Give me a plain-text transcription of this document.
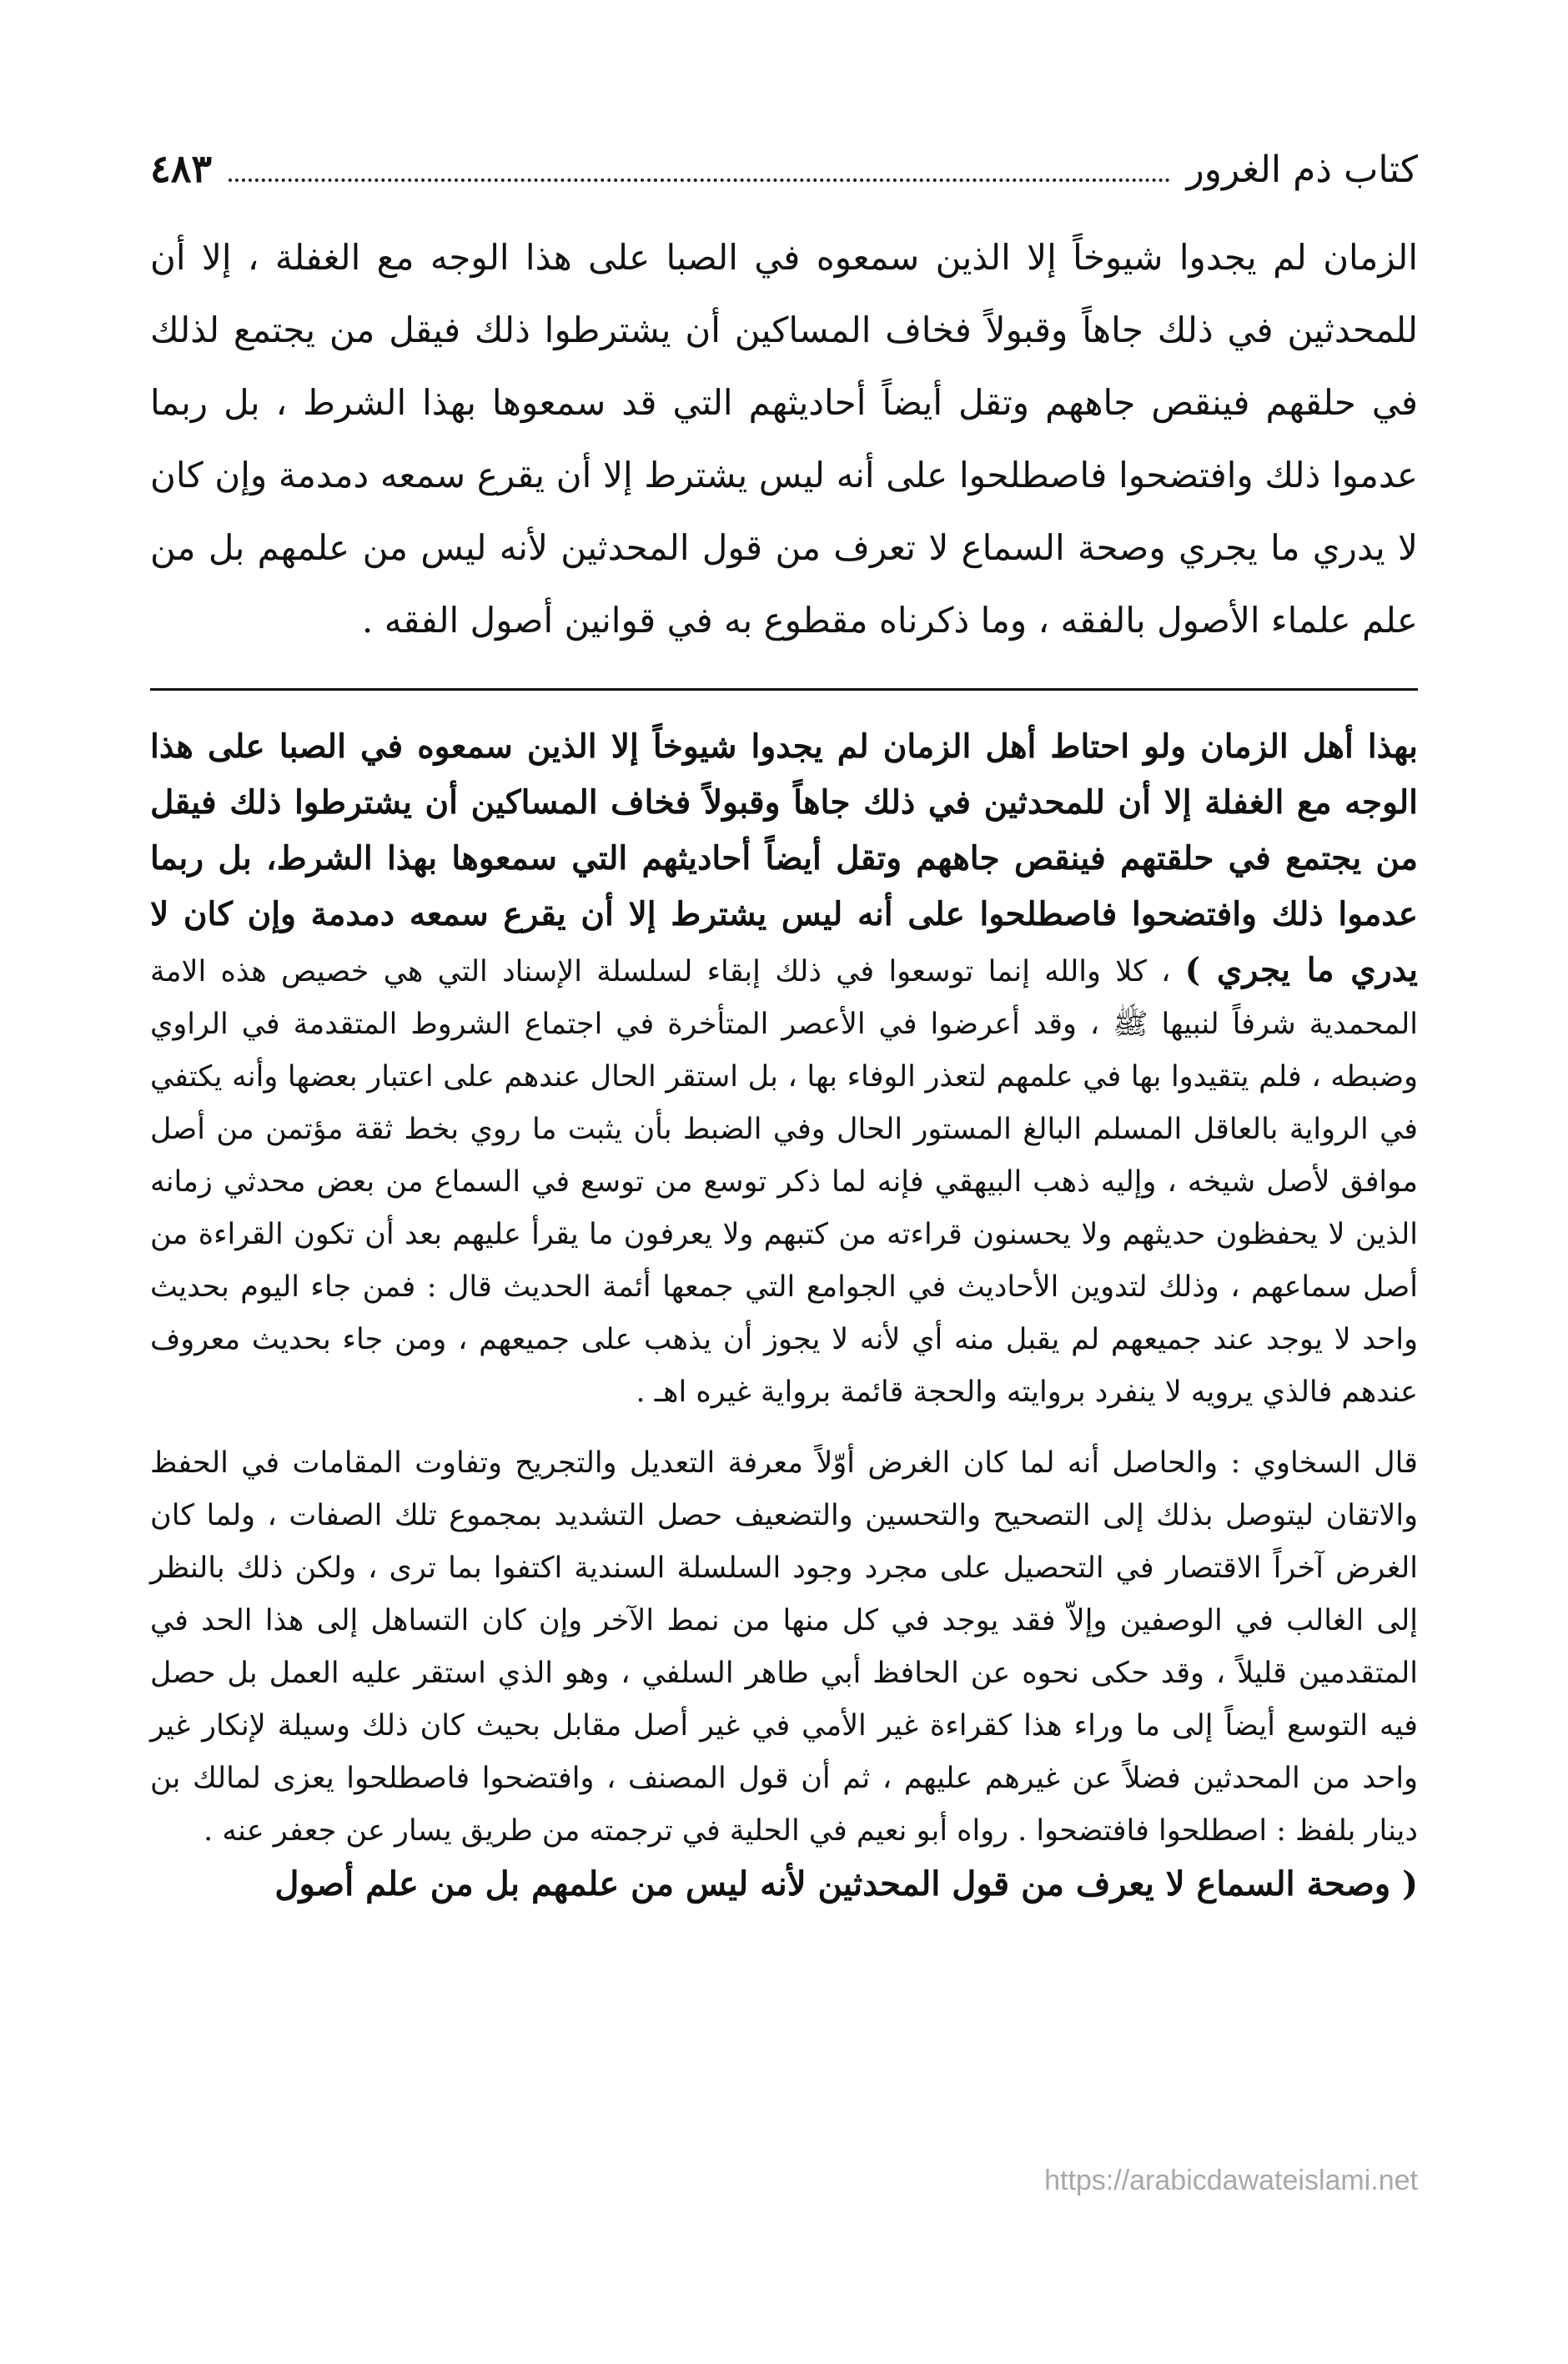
كتاب ذم الغرور
٤٨٣

الزمان لم يجدوا شيوخاً إلا الذين سمعوه في الصبا على هذا الوجه مع الغفلة ، إلا أن للمحدثين في ذلك جاهاً وقبولاً فخاف المساكين أن يشترطوا ذلك فيقل من يجتمع لذلك في حلقهم فينقص جاههم وتقل أيضاً أحاديثهم التي قد سمعوها بهذا الشرط ، بل ربما عدموا ذلك وافتضحوا فاصطلحوا على أنه ليس يشترط إلا أن يقرع سمعه دمدمة وإن كان لا يدري ما يجري وصحة السماع لا تعرف من قول المحدثين لأنه ليس من علمهم بل من علم علماء الأصول بالفقه ، وما ذكرناه مقطوع به في قوانين أصول الفقه .

بهذا أهل الزمان ولو احتاط أهل الزمان لم يجدوا شيوخاً إلا الذين سمعوه في الصبا على هذا الوجه مع الغفلة إلا أن للمحدثين في ذلك جاهاً وقبولاً فخاف المساكين أن يشترطوا ذلك فيقل من يجتمع في حلقتهم فينقص جاههم وتقل أيضاً أحاديثهم التي سمعوها بهذا الشرط، بل ربما عدموا ذلك وافتضحوا فاصطلحوا على أنه ليس يشترط إلا أن يقرع سمعه دمدمة وإن كان لا يدري ما يجري ) ، كلا والله إنما توسعوا في ذلك إبقاء لسلسلة الإسناد التي هي خصيص هذه الامة المحمدية شرفاً لنبيها ﷺ ، وقد أعرضوا في الأعصر المتأخرة في اجتماع الشروط المتقدمة في الراوي وضبطه ، فلم يتقيدوا بها في علمهم لتعذر الوفاء بها ، بل استقر الحال عندهم على اعتبار بعضها وأنه يكتفي في الرواية بالعاقل المسلم البالغ المستور الحال وفي الضبط بأن يثبت ما روي بخط ثقة مؤتمن من أصل موافق لأصل شيخه ، وإليه ذهب البيهقي فإنه لما ذكر توسع من توسع في السماع من بعض محدثي زمانه الذين لا يحفظون حديثهم ولا يحسنون قراءته من كتبهم ولا يعرفون ما يقرأ عليهم بعد أن تكون القراءة من أصل سماعهم ، وذلك لتدوين الأحاديث في الجوامع التي جمعها أئمة الحديث قال : فمن جاء اليوم بحديث واحد لا يوجد عند جميعهم لم يقبل منه أي لأنه لا يجوز أن يذهب على جميعهم ، ومن جاء بحديث معروف عندهم فالذي يرويه لا ينفرد بروايته والحجة قائمة برواية غيره اهـ .

قال السخاوي : والحاصل أنه لما كان الغرض أوّلاً معرفة التعديل والتجريح وتفاوت المقامات في الحفظ والاتقان ليتوصل بذلك إلى التصحيح والتحسين والتضعيف حصل التشديد بمجموع تلك الصفات ، ولما كان الغرض آخراً الاقتصار في التحصيل على مجرد وجود السلسلة السندية اكتفوا بما ترى ، ولكن ذلك بالنظر إلى الغالب في الوصفين وإلاّ فقد يوجد في كل منها من نمط الآخر وإن كان التساهل إلى هذا الحد في المتقدمين قليلاً ، وقد حكى نحوه عن الحافظ أبي طاهر السلفي ، وهو الذي استقر عليه العمل بل حصل فيه التوسع أيضاً إلى ما وراء هذا كقراءة غير الأمي في غير أصل مقابل بحيث كان ذلك وسيلة لإنكار غير واحد من المحدثين فضلاً عن غيرهم عليهم ، ثم أن قول المصنف ، وافتضحوا فاصطلحوا يعزى لمالك بن دينار بلفظ : اصطلحوا فافتضحوا . رواه أبو نعيم في الحلية في ترجمته من طريق يسار عن جعفر عنه .

( وصحة السماع لا يعرف من قول المحدثين لأنه ليس من علمهم بل من علم أصول

https://arabicdawateislami.net
